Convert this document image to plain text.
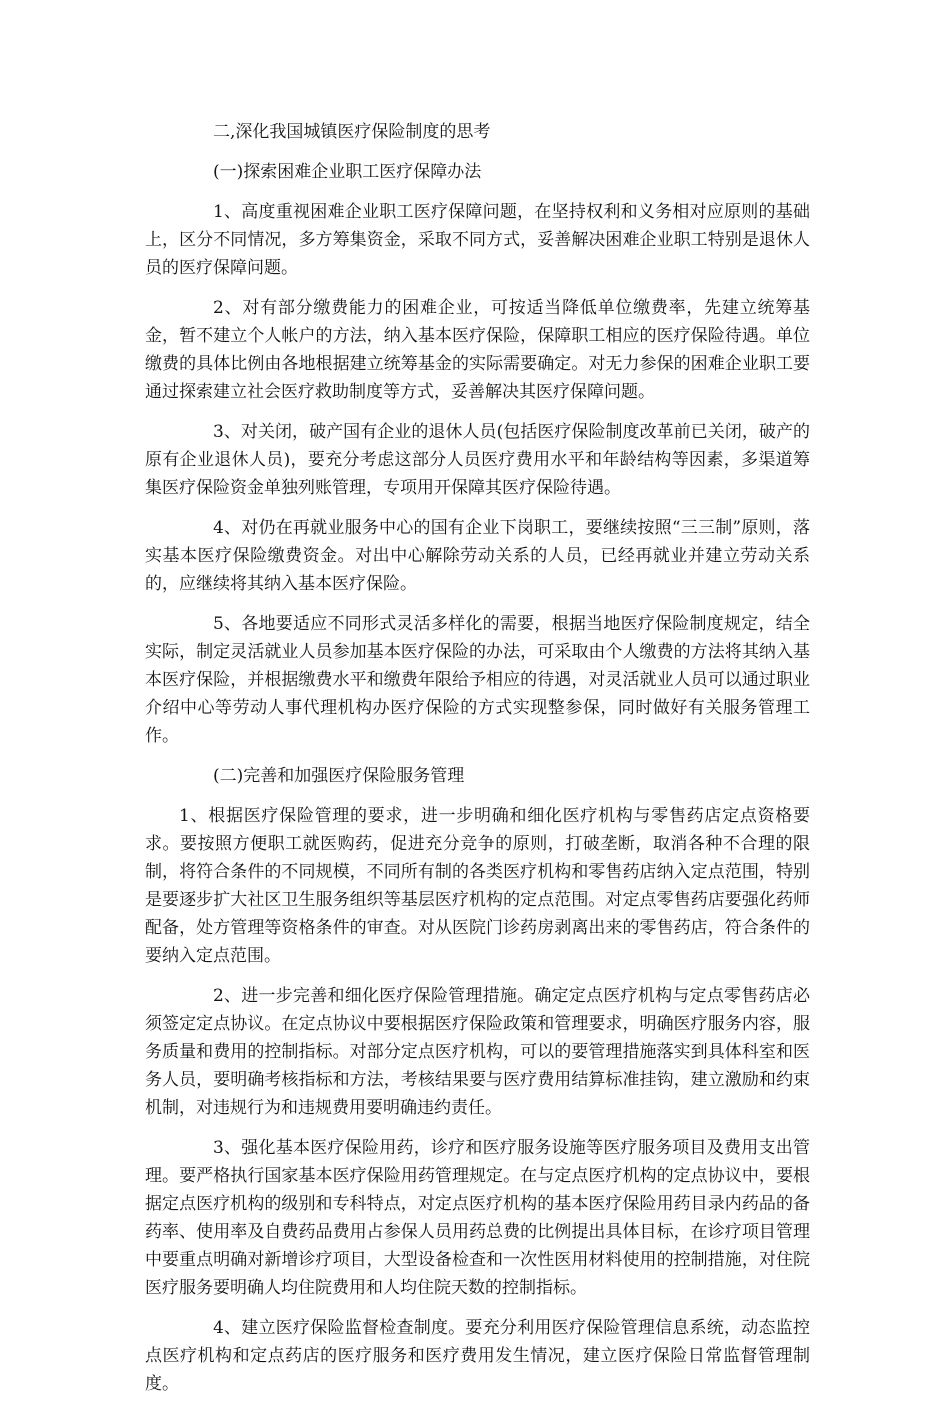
二,深化我国城镇医疗保险制度的思考

(一)探索困难企业职工医疗保障办法

1、高度重视困难企业职工医疗保障问题，在坚持权利和义务相对应原则的基础上，区分不同情况，多方筹集资金，采取不同方式，妥善解决困难企业职工特别是退休人员的医疗保障问题。

2、对有部分缴费能力的困难企业，可按适当降低单位缴费率，先建立统筹基金，暂不建立个人帐户的方法，纳入基本医疗保险，保障职工相应的医疗保险待遇。单位缴费的具体比例由各地根据建立统筹基金的实际需要确定。对无力参保的困难企业职工要通过探索建立社会医疗救助制度等方式，妥善解决其医疗保障问题。

3、对关闭，破产国有企业的退休人员(包括医疗保险制度改革前已关闭，破产的原有企业退休人员)，要充分考虑这部分人员医疗费用水平和年龄结构等因素，多渠道筹集医疗保险资金单独列账管理，专项用开保障其医疗保险待遇。

4、对仍在再就业服务中心的国有企业下岗职工，要继续按照“三三制”原则，落实基本医疗保险缴费资金。对出中心解除劳动关系的人员，已经再就业并建立劳动关系的，应继续将其纳入基本医疗保险。

5、各地要适应不同形式灵活多样化的需要，根据当地医疗保险制度规定，结全实际，制定灵活就业人员参加基本医疗保险的办法，可采取由个人缴费的方法将其纳入基本医疗保险，并根据缴费水平和缴费年限给予相应的待遇，对灵活就业人员可以通过职业介绍中心等劳动人事代理机构办医疗保险的方式实现整参保，同时做好有关服务管理工作。

(二)完善和加强医疗保险服务管理

1、根据医疗保险管理的要求，进一步明确和细化医疗机构与零售药店定点资格要求。要按照方便职工就医购药，促进充分竞争的原则，打破垄断，取消各种不合理的限制，将符合条件的不同规模，不同所有制的各类医疗机构和零售药店纳入定点范围，特别是要逐步扩大社区卫生服务组织等基层医疗机构的定点范围。对定点零售药店要强化药师配备，处方管理等资格条件的审查。对从医院门诊药房剥离出来的零售药店，符合条件的要纳入定点范围。

2、进一步完善和细化医疗保险管理措施。确定定点医疗机构与定点零售药店必须签定定点协议。在定点协议中要根据医疗保险政策和管理要求，明确医疗服务内容，服务质量和费用的控制指标。对部分定点医疗机构，可以的要管理措施落实到具体科室和医务人员，要明确考核指标和方法，考核结果要与医疗费用结算标准挂钩，建立激励和约束机制，对违规行为和违规费用要明确违约责任。

3、强化基本医疗保险用药，诊疗和医疗服务设施等医疗服务项目及费用支出管理。要严格执行国家基本医疗保险用药管理规定。在与定点医疗机构的定点协议中，要根据定点医疗机构的级别和专科特点，对定点医疗机构的基本医疗保险用药目录内药品的备药率、使用率及自费药品费用占参保人员用药总费的比例提出具体目标，在诊疗项目管理中要重点明确对新增诊疗项目，大型设备检查和一次性医用材料使用的控制措施，对住院医疗服务要明确人均住院费用和人均住院天数的控制指标。

4、建立医疗保险监督检查制度。要充分利用医疗保险管理信息系统，动态监控点医疗机构和定点药店的医疗服务和医疗费用发生情况，建立医疗保险日常监督管理制度。
